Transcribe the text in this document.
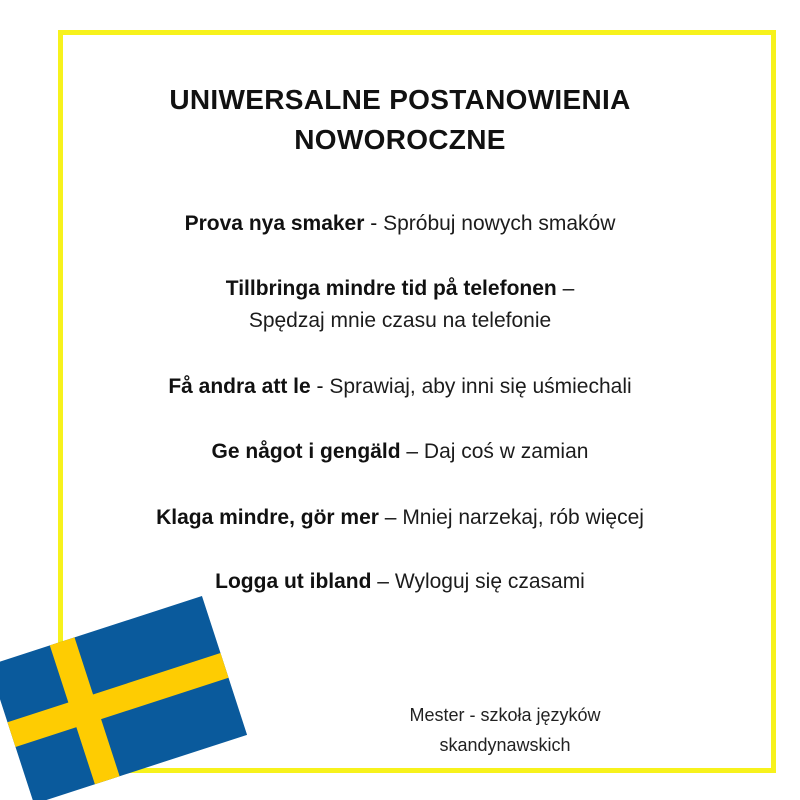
UNIWERSALNE POSTANOWIENIA
NOWOROCZNE
Prova nya smaker - Spróbuj nowych smaków
Tillbringa mindre tid på telefonen –
Spędzaj mnie czasu na telefonie
Få andra att le - Sprawiaj, aby inni się uśmiechali
Ge något i gengäld – Daj coś w zamian
Klaga mindre, gör mer – Mniej narzekaj, rób więcej
Logga ut ibland – Wyloguj się czasami
Mester - szkoła języków
skandynawskich
